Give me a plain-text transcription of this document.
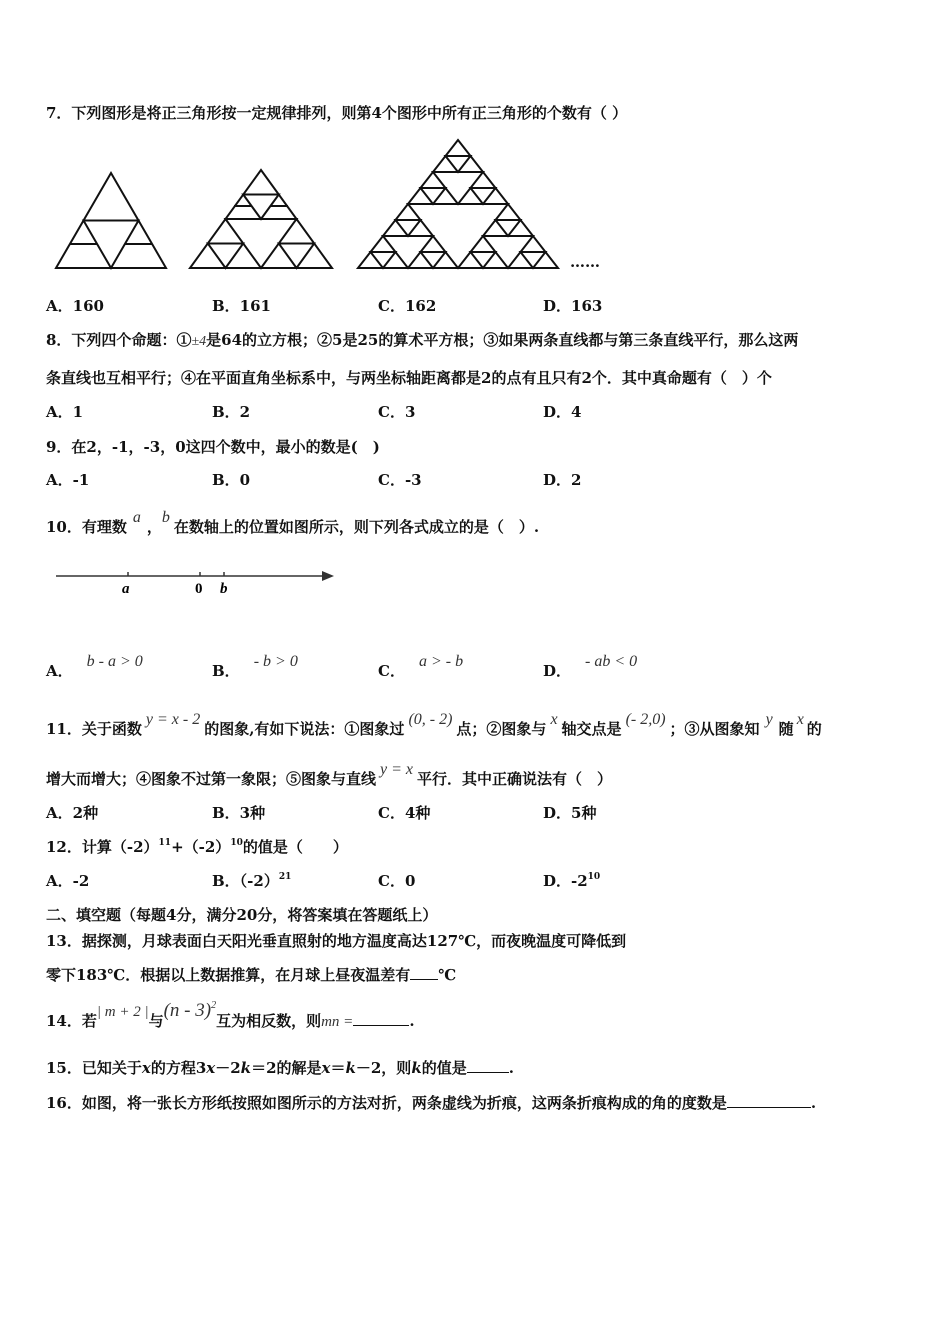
7．下列图形是将正三角形按一定规律排列，则第4个图形中所有正三角形的个数有（ ）
……
A．160	B．161	C．162	D．163
8．下列四个命题：①±4是64的立方根；②5是25的算术平方根；③如果两条直线都与第三条直线平行，那么这两
条直线也互相平行；④在平面直角坐标系中，与两坐标轴距离都是2的点有且只有2个．其中真命题有（　）个
A．1	B．2	C．3	D．4
9．在2，-1，-3，0这四个数中，最小的数是(　)
A．-1	B．0	C．-3	D．2
10．有理数a，b在数轴上的位置如图所示，则下列各式成立的是（　）.
a	0 b
A．b - a > 0
B．- b > 0
C．a > - b
D．- ab < 0
11．关于函数y = x - 2的图象,有如下说法：①图象过(0, - 2)点；②图象与x轴交点是(- 2,0)；③从图象知y随x的
增大而增大；④图象不过第一象限；⑤图象与直线y = x平行．其中正确说法有（　）
A．2种	B．3种	C．4种	D．5种
12．计算$(-2)^{11}+(-2)^{10}$的值是（　　）
A．-2	B．$(-2)^{21}$	C．0	D．$-2^{10}$
二、填空题（每题4分，满分20分，将答案填在答题纸上）
13．据探测，月球表面白天阳光垂直照射的地方温度高达127℃，而夜晚温度可降低到
零下183℃．根据以上数据推算，在月球上昼夜温差有 ℃
14．若| m + 2 |与(n - 3)$^2$互为相反数，则mn =	.
15．已知关于x的方程3x－2k＝2的解是x＝k－2，则k的值是	.
16．如图，将一张长方形纸按照如图所示的方法对折，两条虚线为折痕，这两条折痕构成的角的度数是	.
